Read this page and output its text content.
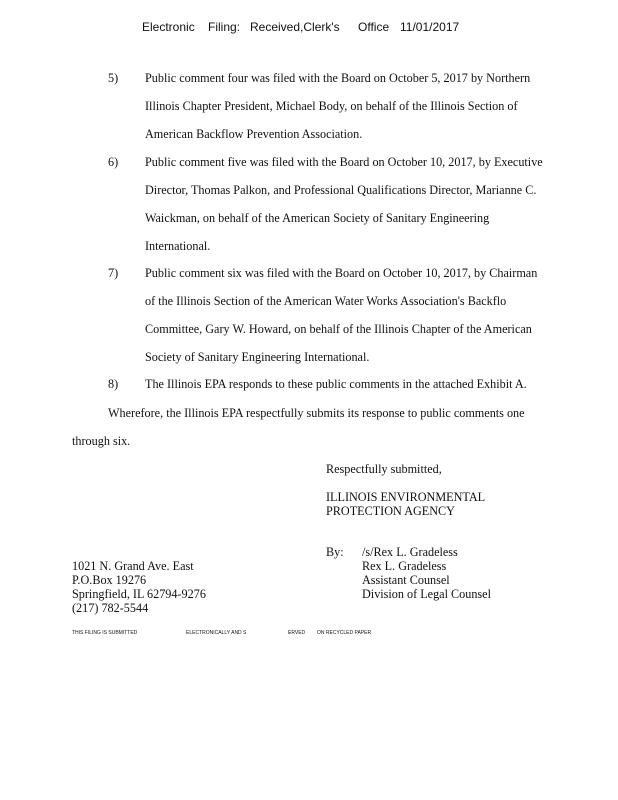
Electronic Filing: Received,Clerk's Office 11/01/2017
5) Public comment four was filed with the Board on October 5, 2017 by Northern
Illinois Chapter President, Michael Body, on behalf of the Illinois Section of
American Backflow Prevention Association.
6) Public comment five was filed with the Board on October 10, 2017, by Executive
Director, Thomas Palkon, and Professional Qualifications Director, Marianne C.
Waickman, on behalf of the American Society of Sanitary Engineering
International.
7) Public comment six was filed with the Board on October 10, 2017, by Chairman
of the Illinois Section of the American Water Works Association's Backflo
Committee, Gary W. Howard, on behalf of the Illinois Chapter of the American
Society of Sanitary Engineering International.
8) The Illinois EPA responds to these public comments in the attached Exhibit A.
Wherefore, the Illinois EPA respectfully submits its response to public comments one
through six.
Respectfully submitted,
ILLINOIS ENVIRONMENTAL
PROTECTION AGENCY
By: /s/Rex L. Gradeless
Rex L. Gradeless
Assistant Counsel
Division of Legal Counsel
1021 N. Grand Ave. East
P.O.Box 19276
Springfield, IL 62794-9276
(217) 782-5544
THIS FILING IS SUBMITTED	ELECTRONICALLY AND S	ERVED ON RECYCLED PAPER
